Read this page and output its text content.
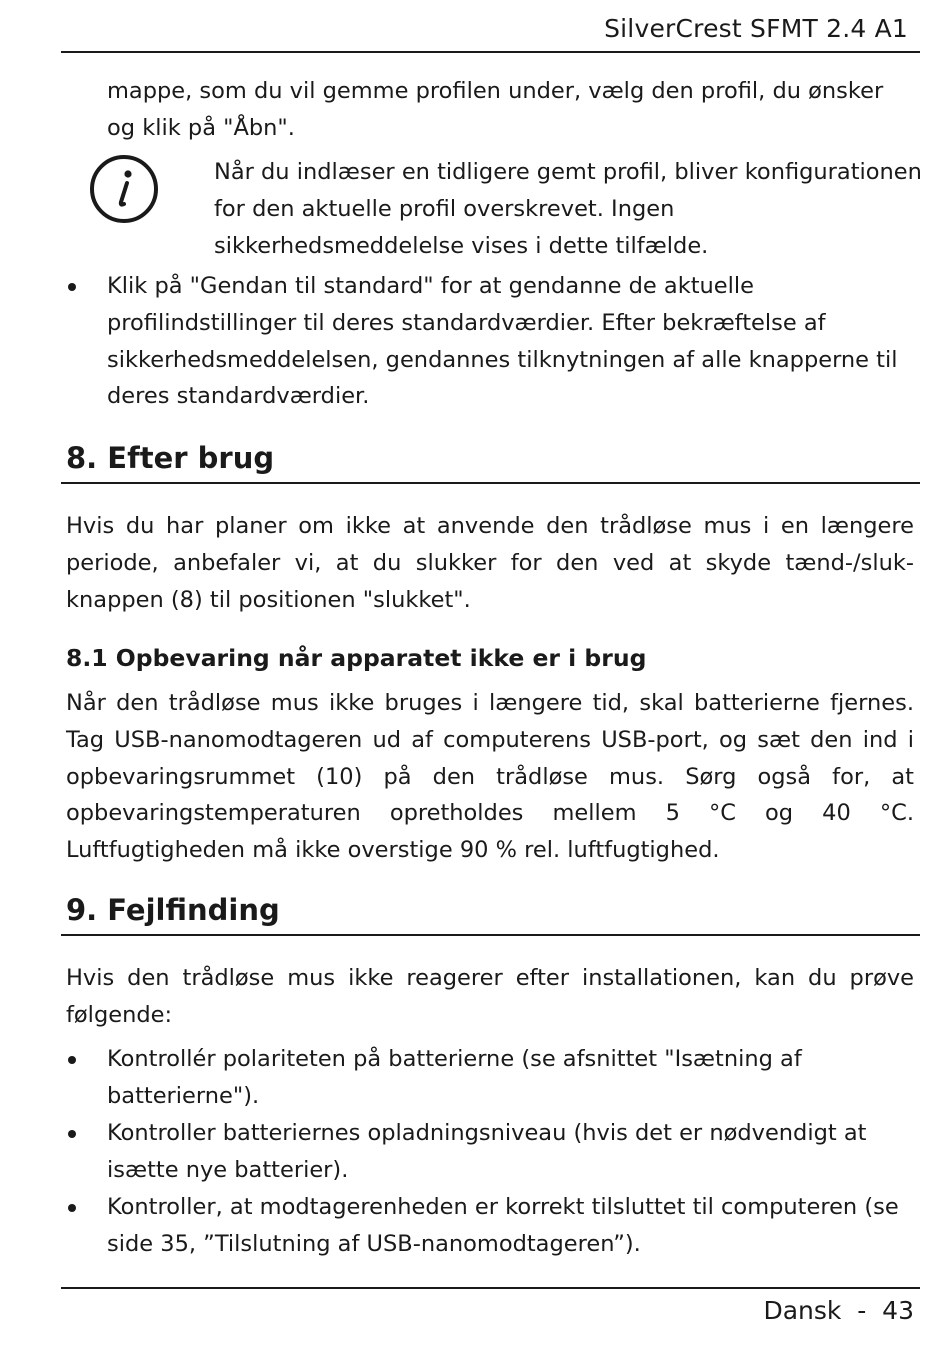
SilverCrest SFMT 2.4 A1

mappe, som du vil gemme profilen under, vælg den profil, du ønsker og klik på "Åbn".

Når du indlæser en tidligere gemt profil, bliver konfigurationen for den aktuelle profil overskrevet. Ingen sikkerhedsmeddelelse vises i dette tilfælde.

Klik på "Gendan til standard" for at gendanne de aktuelle profilindstillinger til deres standardværdier. Efter bekræftelse af sikkerhedsmeddelelsen, gendannes tilknytningen af alle knapperne til deres standardværdier.
8. Efter brug

Hvis du har planer om ikke at anvende den trådløse mus i en længere periode, anbefaler vi, at du slukker for den ved at skyde tænd-/sluk-knappen (8) til positionen "slukket".

8.1 Opbevaring når apparatet ikke er i brug

Når den trådløse mus ikke bruges i længere tid, skal batterierne fjernes. Tag USB-nanomodtageren ud af computerens USB-port, og sæt den ind i opbevaringsrummet (10) på den trådløse mus. Sørg også for, at opbevaringstemperaturen opretholdes mellem 5 °C og 40 °C. Luftfugtigheden må ikke overstige 90 % rel. luftfugtighed.

9. Fejlfinding

Hvis den trådløse mus ikke reagerer efter installationen, kan du prøve følgende:

Kontrollér polariteten på batterierne (se afsnittet "Isætning af batterierne").
Kontroller batteriernes opladningsniveau (hvis det er nødvendigt at isætte nye batterier).
Kontroller, at modtagerenheden er korrekt tilsluttet til computeren (se side 35, ”Tilslutning af USB-nanomodtageren”).
Dansk  -  43
